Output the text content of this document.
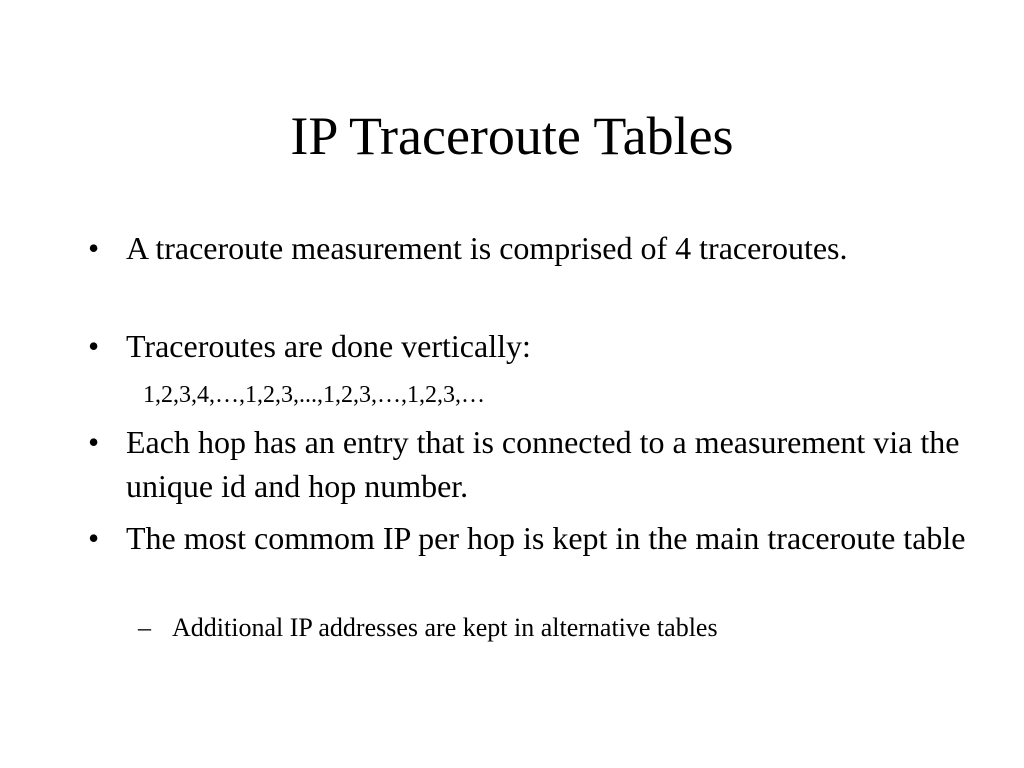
IP Traceroute Tables
• A traceroute measurement is comprised of 4 traceroutes.
• Traceroutes are done vertically:
1,2,3,4,…,1,2,3,...,1,2,3,…,1,2,3,…
• Each hop has an entry that is connected to a measurement via the unique id and hop number.
• The most commom IP per hop is kept in the main traceroute table
– Additional IP addresses are kept in alternative tables
